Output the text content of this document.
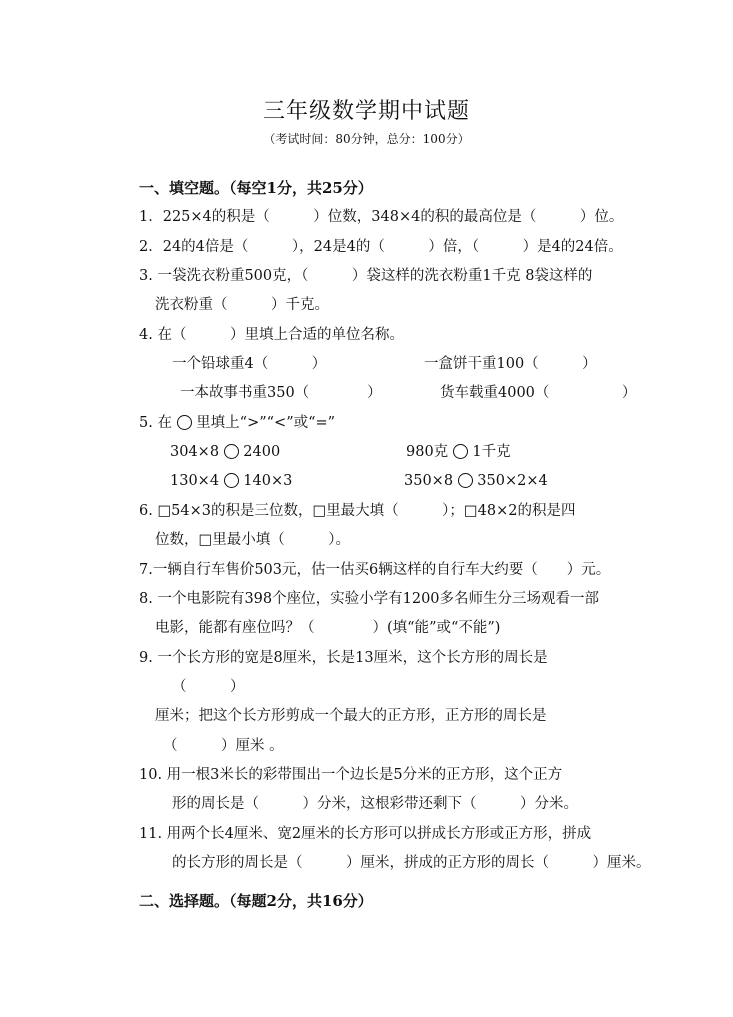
三年级数学期中试题
（考试时间：80分钟，总分：100分）
一、填空题。（每空1分，共25分）
1．225×4的积是（　　　）位数，348×4的积的最高位是（　　　）位。
2．24的4倍是（　　　），24是4的（　　　）倍，（　　　）是4的24倍。
3. 一袋洗衣粉重500克，（　　　）袋这样的洗衣粉重1千克 8袋这样的
洗衣粉重（　　　）千克。
4. 在（　　　）里填上合适的单位名称。
一个铅球重4（　　　）	一盒饼干重100（　　　）
一本故事书重350（　　　　）	货车载重4000（　　　　　）
5. 在 里填上“>”“<”或“=”
304×8 2400	980克 1千克
130×4 140×3	350×8 350×2×4
6. □54×3的积是三位数，□里最大填（　　　）；□48×2的积是四
位数，□里最小填（　　　）。
7.一辆自行车售价503元，估一估买6辆这样的自行车大约要（　　）元。
8. 一个电影院有398个座位，实验小学有1200多名师生分三场观看一部
电影，能都有座位吗？（　　　　）(填“能”或“不能”)
9. 一个长方形的宽是8厘米，长是13厘米，这个长方形的周长是
（　　　）
厘米；把这个长方形剪成一个最大的正方形，正方形的周长是
（　　　）厘米 。
10. 用一根3米长的彩带围出一个边长是5分米的正方形，这个正方
形的周长是（　　　）分米，这根彩带还剩下（　　　）分米。
11. 用两个长4厘米、宽2厘米的长方形可以拼成长方形或正方形，拼成
的长方形的周长是（　　　）厘米，拼成的正方形的周长（　　　）厘米。
二、选择题。（每题2分，共16分）
